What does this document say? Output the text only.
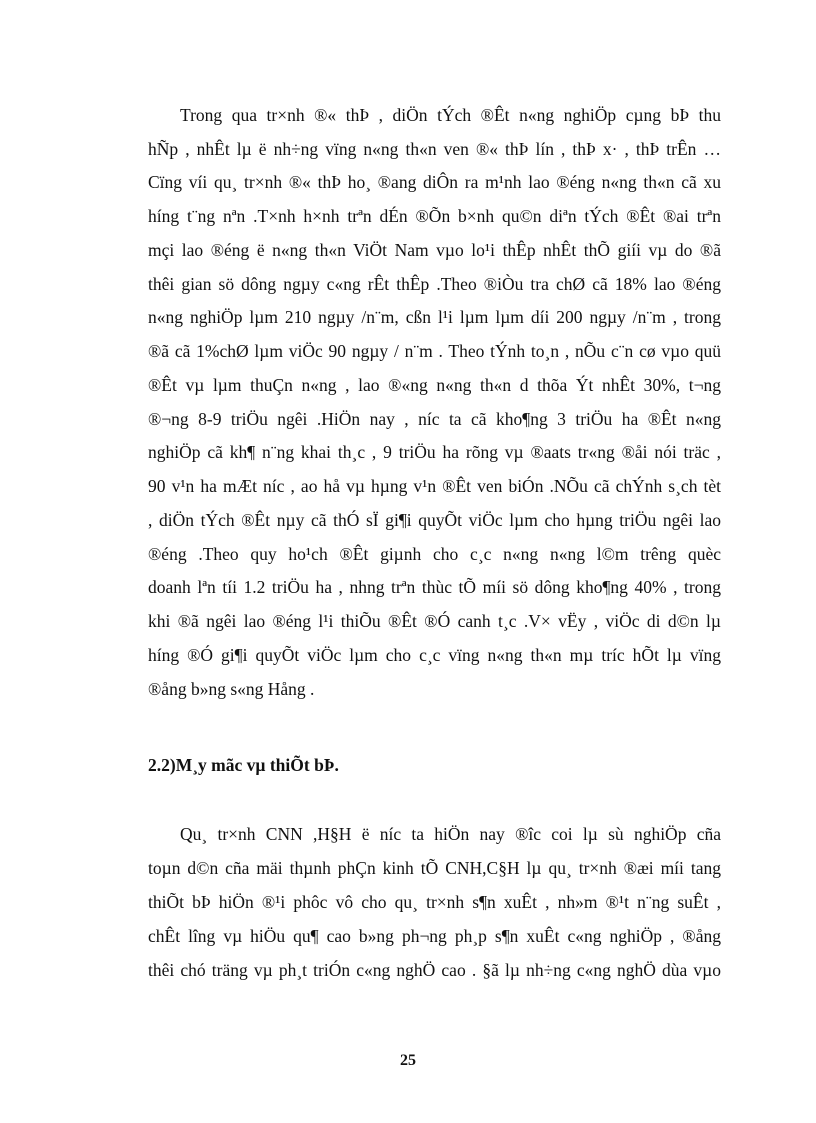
Trong qua tr×nh ®« thÞ , diÖn tÝch ®Êt n«ng nghiÖp cµng bÞ thu
hÑp , nhÊt lµ ë nh÷ng vïng n«ng th«n ven ®« thÞ lín , thÞ x· , thÞ trÊn …
Cïng víi qu¸ tr×nh ®« thÞ ho¸ ®ang diÔn ra m¹nh lao ®éng n«ng th«n cã xu
híng t¨ng nªn .T×nh h×nh trªn dÉn ®Õn b×nh qu©n diªn tÝch ®Êt ®ai trªn
mçi lao ®éng ë n«ng th«n ViÖt Nam vµo lo¹i thÊp nhÊt thÕ giíi vµ do ®ã
thêi gian sö dông ngµy c«ng rÊt thÊp .Theo ®iÒu tra chØ cã 18% lao ®éng
n«ng nghiÖp lµm 210 ngµy /n¨m, cßn l¹i lµm lµm díi 200 ngµy /n¨m , trong
®ã cã 1%chØ lµm viÖc 90 ngµy / n¨m . Theo tÝnh to¸n , nÕu c¨n cø vµo quü
®Êt vµ lµm thuÇn n«ng , lao ®«ng n«ng th«n d thõa Ýt nhÊt 30%, t¬ng
®¬ng 8-9 triÖu ngêi .HiÖn nay , níc ta cã kho¶ng 3 triÖu ha ®Êt n«ng
nghiÖp cã kh¶ n¨ng khai th¸c , 9 triÖu ha rõng vµ ®aats tr«ng ®åi nói träc ,
90 v¹n ha mÆt níc , ao hå vµ hµng v¹n ®Êt ven biÓn .NÕu cã chÝnh s¸ch tèt
, diÖn tÝch ®Êt nµy cã thÓ sÏ gi¶i quyÕt viÖc lµm cho hµng triÖu ngêi lao
®éng .Theo quy ho¹ch ®Êt giµnh cho c¸c n«ng n«ng l©m trêng quèc
doanh lªn tíi 1.2 triÖu ha , nhng trªn thùc tÕ míi sö dông kho¶ng 40% , trong
khi ®ã ngêi lao ®éng l¹i thiÕu ®Êt ®Ó canh t¸c .V× vËy , viÖc di d©n lµ
híng ®Ó gi¶i quyÕt viÖc lµm cho c¸c vïng n«ng th«n mµ tríc hÕt lµ vïng
®ång b»ng s«ng Hång .
2.2)M¸y mãc vµ thiÕt bÞ.
Qu¸ tr×nh CNN ,H§H ë níc ta hiÖn nay ®îc coi lµ sù nghiÖp cña
toµn d©n cña mäi thµnh phÇn kinh tÕ CNH,C§H lµ qu¸ tr×nh ®æi míi tang
thiÕt bÞ hiÖn ®¹i phôc vô cho qu¸ tr×nh s¶n xuÊt , nh»m ®¹t n¨ng suÊt ,
chÊt lîng vµ hiÖu qu¶ cao b»ng ph¬ng ph¸p s¶n xuÊt c«ng nghiÖp , ®ång
thêi chó träng vµ ph¸t triÓn c«ng nghÖ cao . §ã lµ nh÷ng c«ng nghÖ dùa vµo
25
